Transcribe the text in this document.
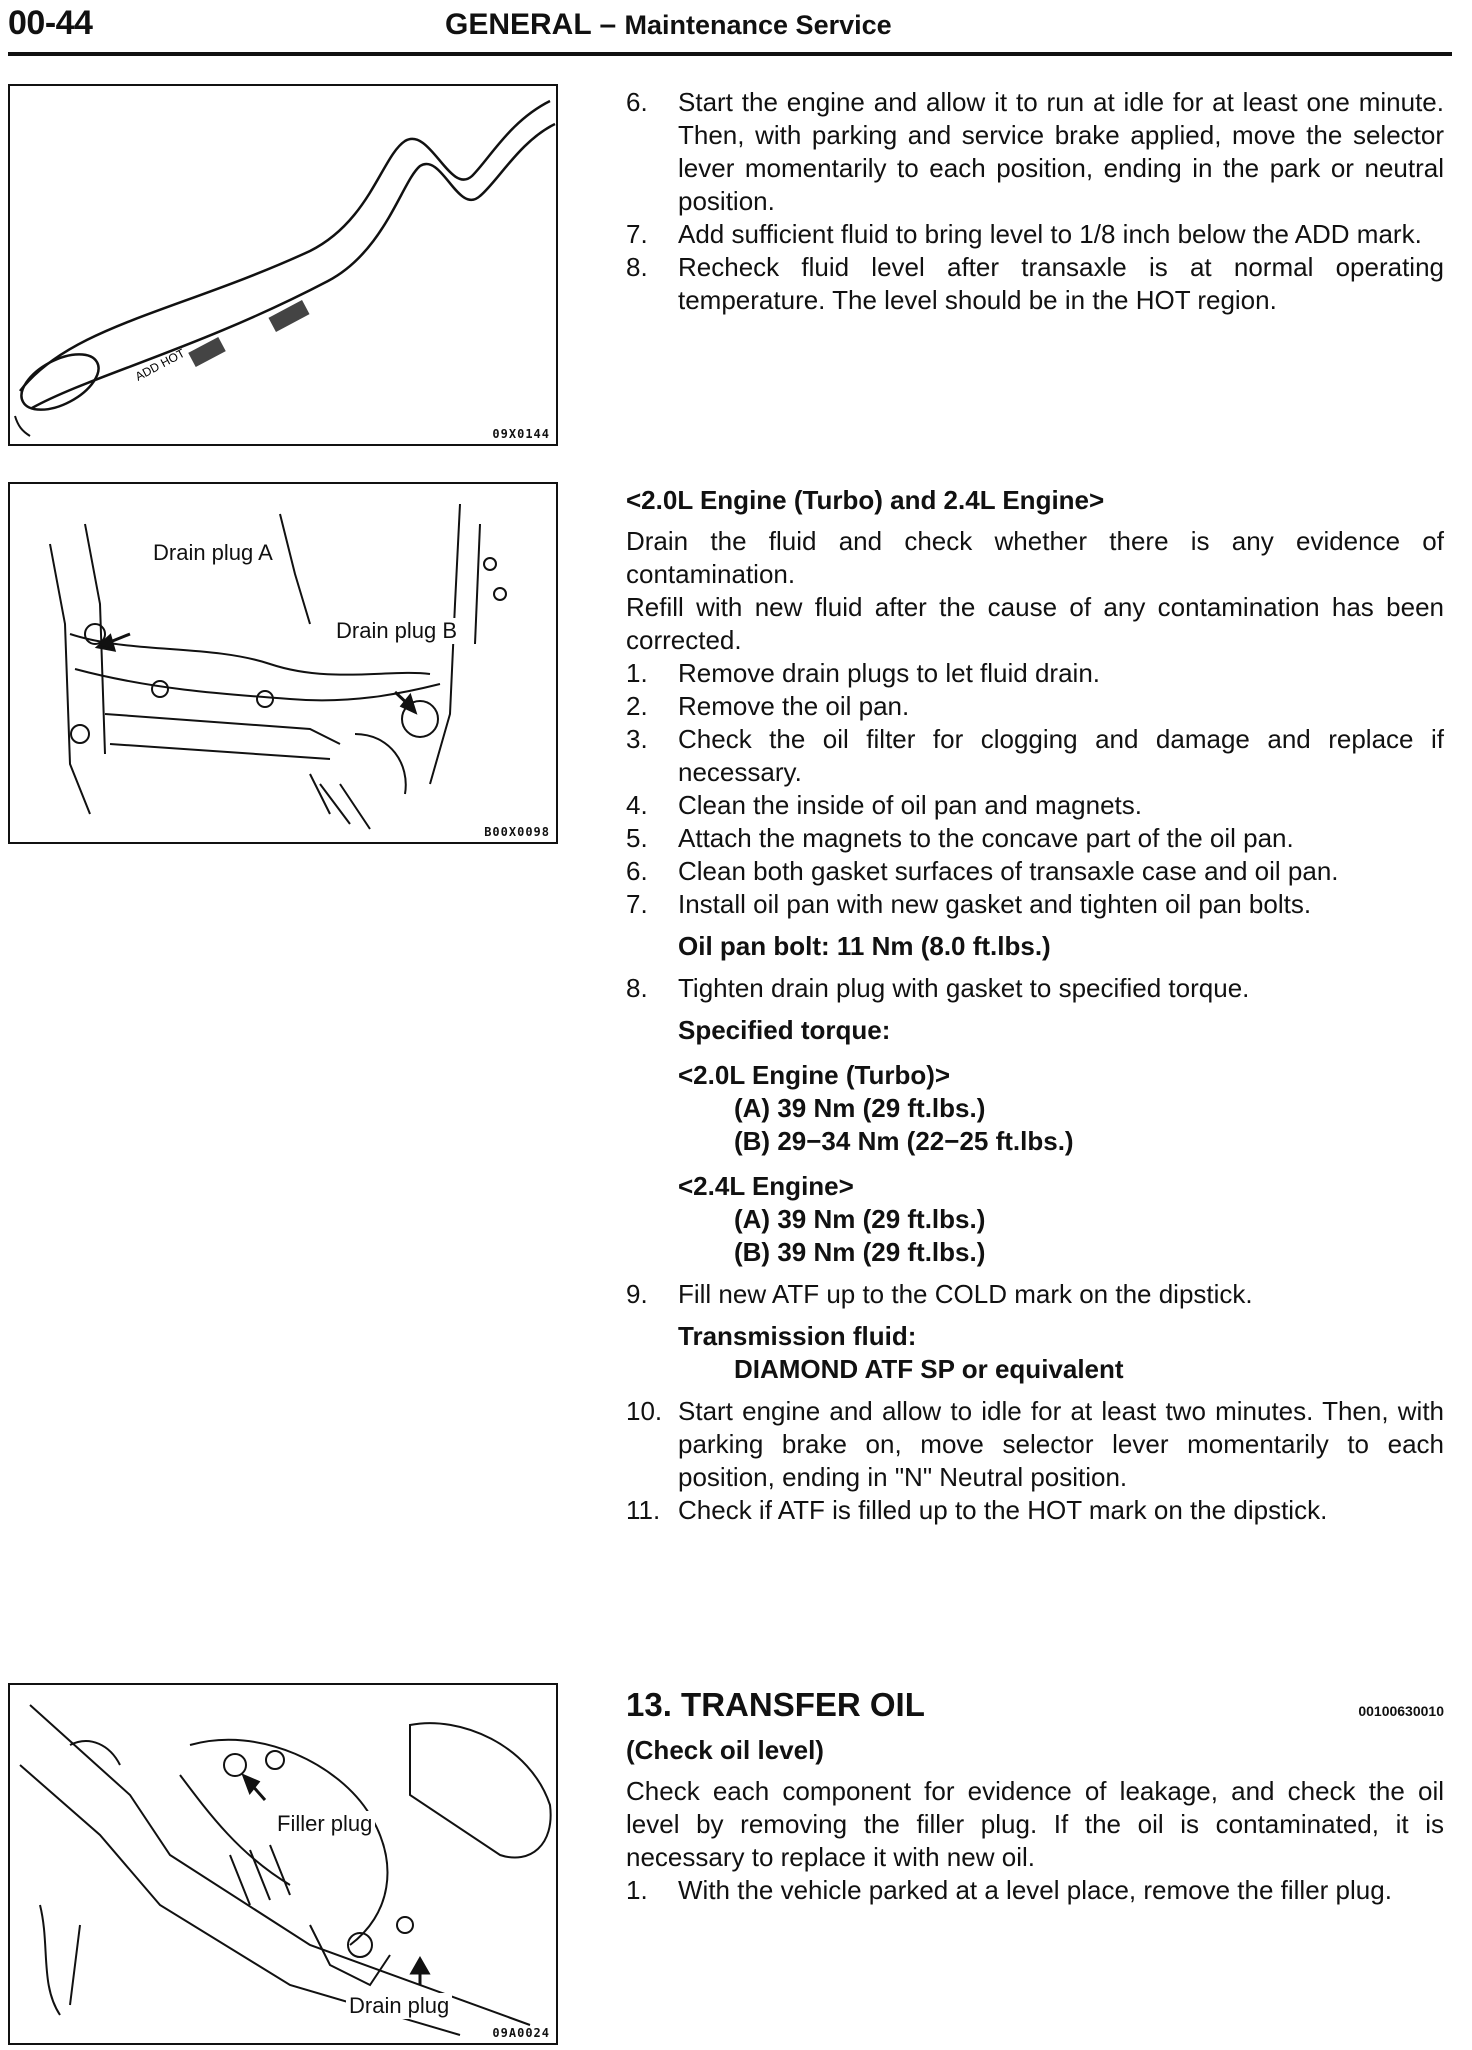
00-44	GENERAL – Maintenance Service
ADD HOT
09X0144
Drain plug A
Drain plug B
B00X0098
Filler plug
Drain plug
09A0024
6.	Start the engine and allow it to run at idle for at least one minute. Then, with parking and service brake applied, move the selector lever momentarily to each position, ending in the park or neutral position.
7.	Add sufficient fluid to bring level to 1/8 inch below the ADD mark.
8.	Recheck fluid level after transaxle is at normal operating temperature. The level should be in the HOT region.

<2.0L Engine (Turbo) and 2.4L Engine>

Drain the fluid and check whether there is any evidence of contamination.

Refill with new fluid after the cause of any contamination has been corrected.

1.	Remove drain plugs to let fluid drain.
2.	Remove the oil pan.
3.	Check the oil filter for clogging and damage and replace if necessary.
4.	Clean the inside of oil pan and magnets.
5.	Attach the magnets to the concave part of the oil pan.
6.	Clean both gasket surfaces of transaxle case and oil pan.
7.	Install oil pan with new gasket and tighten oil pan bolts.
Oil pan bolt: 11 Nm (8.0 ft.lbs.)
8.	Tighten drain plug with gasket to specified torque.
Specified torque:
<2.0L Engine (Turbo)>
(A) 39 Nm (29 ft.lbs.)
(B) 29−34 Nm (22−25 ft.lbs.)
<2.4L Engine>
(A) 39 Nm (29 ft.lbs.)
(B) 39 Nm (29 ft.lbs.)
9.	Fill new ATF up to the COLD mark on the dipstick.
Transmission fluid:
DIAMOND ATF SP or equivalent
10. Start engine and allow to idle for at least two minutes. Then, with parking brake on, move selector lever momentarily to each position, ending in "N" Neutral position.
11. Check if ATF is filled up to the HOT mark on the dipstick.
13. TRANSFER OIL	00100630010

(Check oil level)

Check each component for evidence of leakage, and check the oil level by removing the filler plug. If the oil is contaminated, it is necessary to replace it with new oil.

1.	With the vehicle parked at a level place, remove the filler plug.
